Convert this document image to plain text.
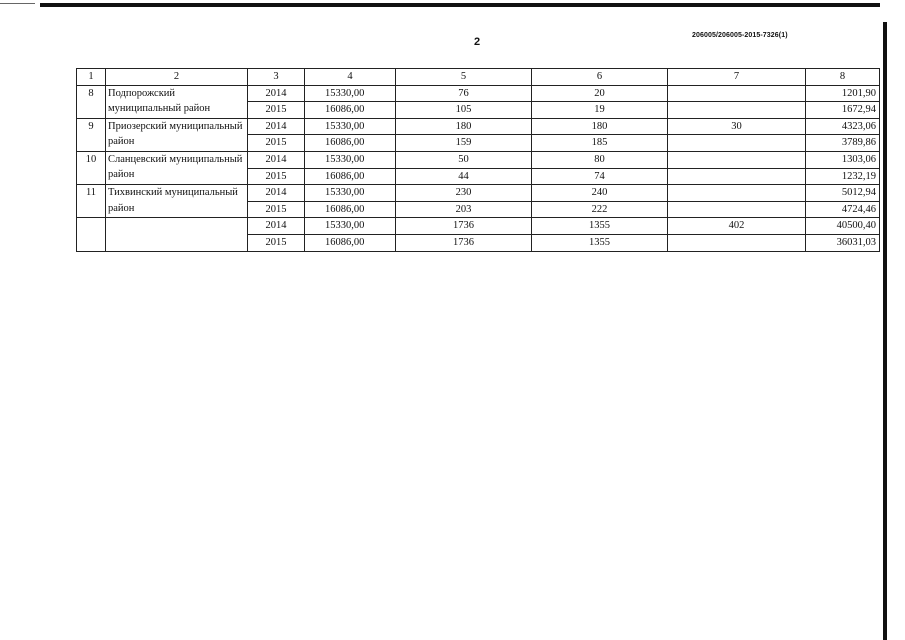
2
206005/206005-2015-7326(1)
1	2	3	4	5	6	7	8
8	Подпорожский муниципальный район	2014	15330,00	76	20		1201,90
		2015	16086,00	105	19		1672,94
9	Приозерский муниципальный район	2014	15330,00	180	180	30	4323,06
		2015	16086,00	159	185		3789,86
10	Сланцевский муниципальный район	2014	15330,00	50	80		1303,06
		2015	16086,00	44	74		1232,19
11	Тихвинский муниципальный район	2014	15330,00	230	240		5012,94
		2015	16086,00	203	222		4724,46
		2014	15330,00	1736	1355	402	40500,40
		2015	16086,00	1736	1355		36031,03
